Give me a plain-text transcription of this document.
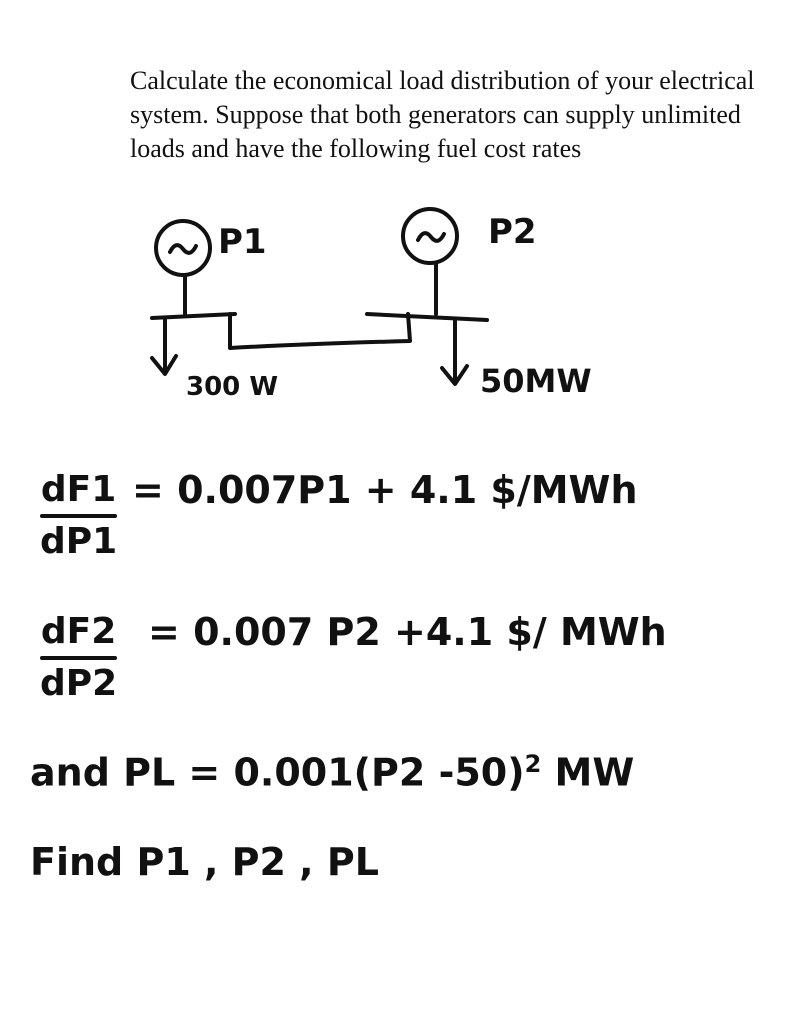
Calculate the economical load distribution of your electrical system. Suppose that both generators can supply unlimited loads and have the following fuel cost rates

P1	P2
300 W	50MW
dF1
dP1
= 0.007P1 + 4.1 $/MWh
dF2
dP2
= 0.007 P2 +4.1 $/ MWh
and PL = 0.001(P2 -50)$^2$ MW
Find P1 , P2 , PL
